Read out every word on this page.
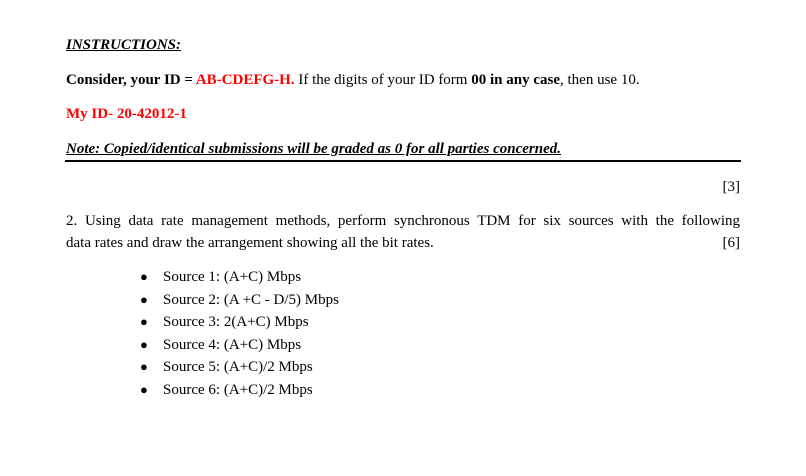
INSTRUCTIONS:
Consider, your ID = AB-CDEFG-H. If the digits of your ID form 00 in any case, then use 10.
My ID- 20-42012-1
Note: Copied/identical submissions will be graded as 0 for all parties concerned.
[3]
2. Using data rate management methods, perform synchronous TDM for six sources with the following
data rates and draw the arrangement showing all the bit rates.	[6]
● Source 1: (A+C) Mbps
● Source 2: (A +C - D/5) Mbps
● Source 3: 2(A+C) Mbps
● Source 4: (A+C) Mbps
● Source 5: (A+C)/2 Mbps
● Source 6: (A+C)/2 Mbps
